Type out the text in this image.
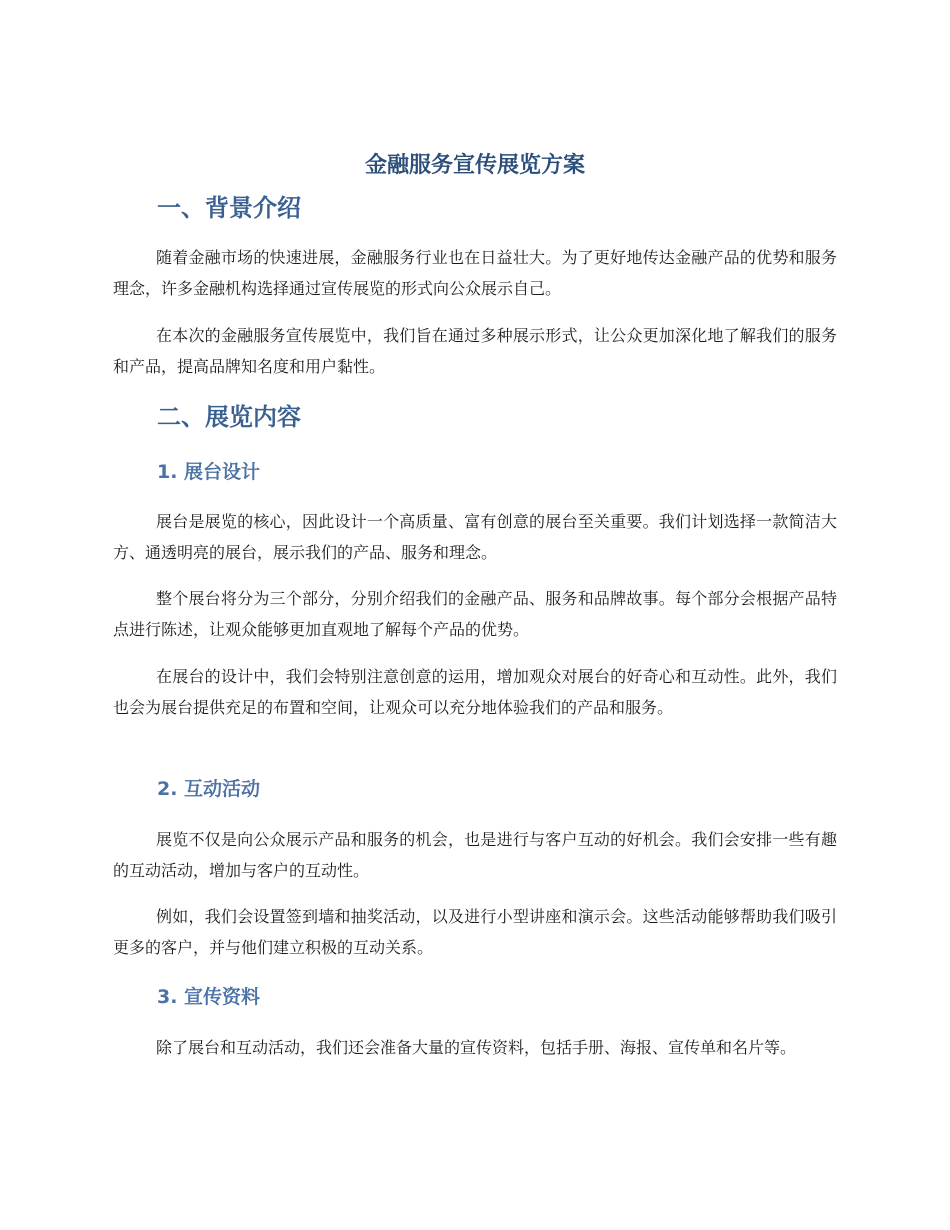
金融服务宣传展览方案
一、背景介绍

随着金融市场的快速进展，金融服务行业也在日益壮大。为了更好地传达金融产品的优势和服务理念，许多金融机构选择通过宣传展览的形式向公众展示自己。

在本次的金融服务宣传展览中，我们旨在通过多种展示形式，让公众更加深化地了解我们的服务和产品，提高品牌知名度和用户黏性。

二、展览内容
1. 展台设计

展台是展览的核心，因此设计一个高质量、富有创意的展台至关重要。我们计划选择一款简洁大方、通透明亮的展台，展示我们的产品、服务和理念。

整个展台将分为三个部分，分别介绍我们的金融产品、服务和品牌故事。每个部分会根据产品特点进行陈述，让观众能够更加直观地了解每个产品的优势。

在展台的设计中，我们会特别注意创意的运用，增加观众对展台的好奇心和互动性。此外，我们也会为展台提供充足的布置和空间，让观众可以充分地体验我们的产品和服务。

2. 互动活动

展览不仅是向公众展示产品和服务的机会，也是进行与客户互动的好机会。我们会安排一些有趣的互动活动，增加与客户的互动性。

例如，我们会设置签到墙和抽奖活动，以及进行小型讲座和演示会。这些活动能够帮助我们吸引更多的客户，并与他们建立积极的互动关系。

3. 宣传资料

除了展台和互动活动，我们还会准备大量的宣传资料，包括手册、海报、宣传单和名片等。
